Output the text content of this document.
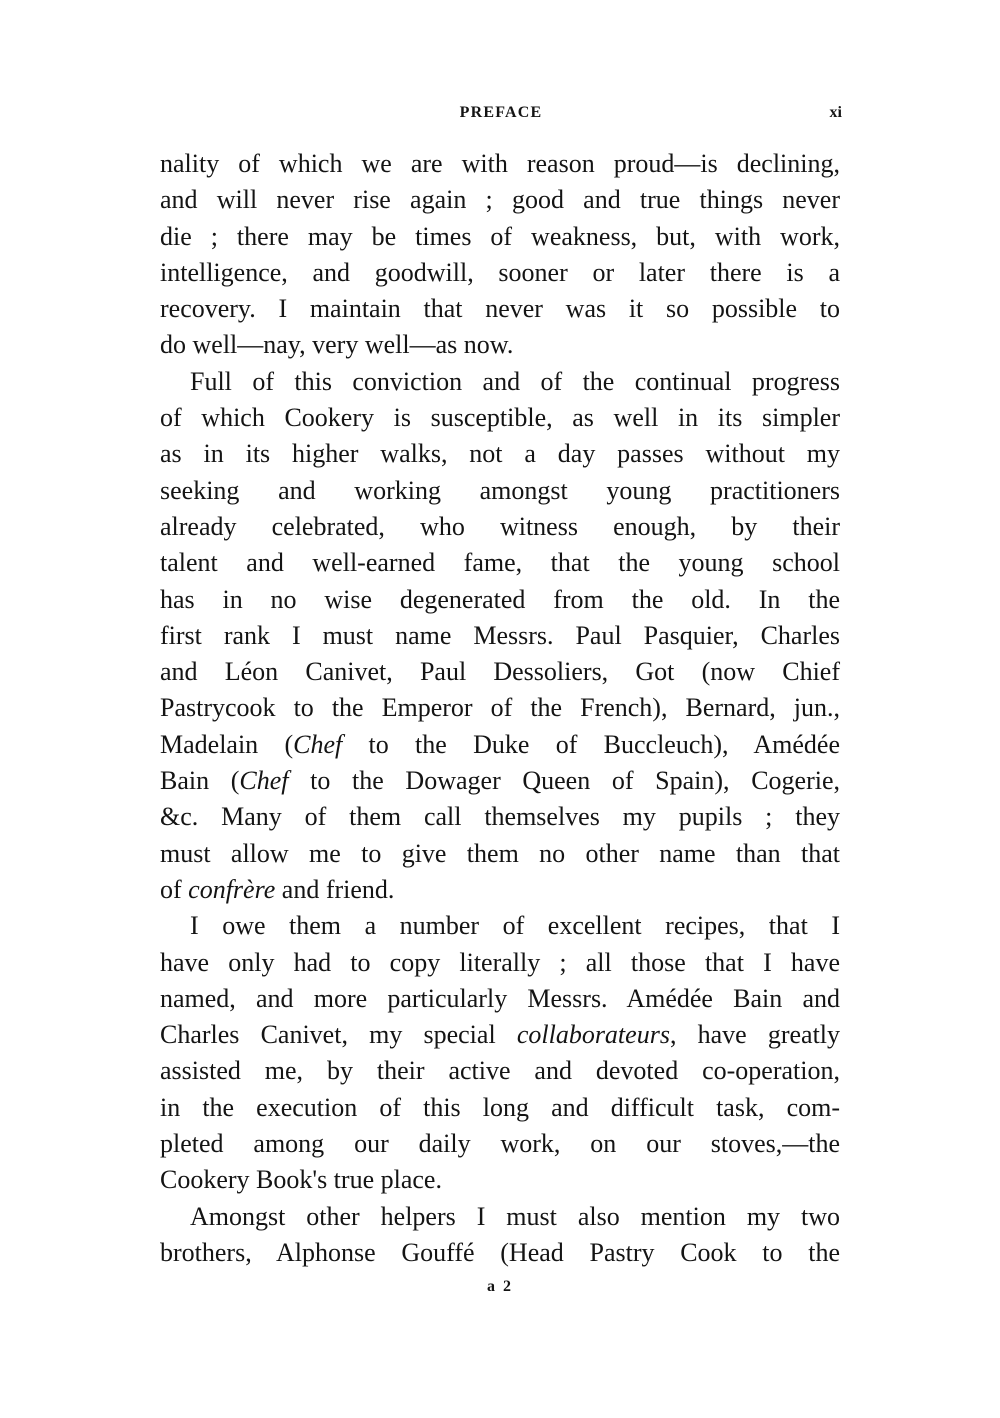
PREFACE	xi
nality of which we are with reason proud—is declining,
and will never rise again ; good and true things never
die ; there may be times of weakness, but, with work,
intelligence, and goodwill, sooner or later there is a
recovery. I maintain that never was it so possible to
do well—nay, very well—as now.
Full of this conviction and of the continual progress
of which Cookery is susceptible, as well in its simpler
as in its higher walks, not a day passes without my
seeking and working amongst young practitioners
already celebrated, who witness enough, by their
talent and well-earned fame, that the young school
has in no wise degenerated from the old. In the
first rank I must name Messrs. Paul Pasquier, Charles
and Léon Canivet, Paul Dessoliers, Got (now Chief
Pastrycook to the Emperor of the French), Bernard, jun.,
Madelain (Chef to the Duke of Buccleuch), Amédée
Bain (Chef to the Dowager Queen of Spain), Cogerie,
&c. Many of them call themselves my pupils ; they
must allow me to give them no other name than that
of confrère and friend.
I owe them a number of excellent recipes, that I
have only had to copy literally ; all those that I have
named, and more particularly Messrs. Amédée Bain and
Charles Canivet, my special collaborateurs, have greatly
assisted me, by their active and devoted co-operation,
in the execution of this long and difficult task, com-
pleted among our daily work, on our stoves,—the
Cookery Book's true place.
Amongst other helpers I must also mention my two
brothers, Alphonse Gouffé (Head Pastry Cook to the
a 2
